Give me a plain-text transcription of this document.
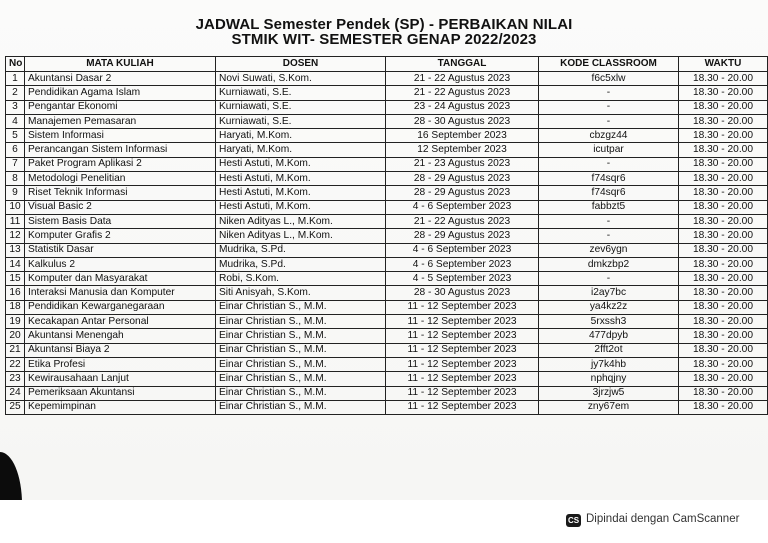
JADWAL Semester Pendek (SP) - PERBAIKAN NILAI
STMIK WIT- SEMESTER GENAP 2022/2023
No	MATA KULIAH	DOSEN	TANGGAL	KODE CLASSROOM	WAKTU
1	Akuntansi Dasar 2	Novi Suwati, S.Kom.	21 - 22 Agustus 2023	f6c5xlw	18.30 - 20.00
2	Pendidikan Agama Islam	Kurniawati, S.E.	21 - 22 Agustus 2023	-	18.30 - 20.00
3	Pengantar Ekonomi	Kurniawati, S.E.	23 - 24 Agustus 2023	-	18.30 - 20.00
4	Manajemen Pemasaran	Kurniawati, S.E.	28 - 30 Agustus 2023	-	18.30 - 20.00
5	Sistem Informasi	Haryati, M.Kom.	16 September 2023	cbzgz44	18.30 - 20.00
6	Perancangan Sistem Informasi	Haryati, M.Kom.	12 September 2023	icutpar	18.30 - 20.00
7	Paket Program Aplikasi 2	Hesti Astuti, M.Kom.	21 - 23 Agustus 2023	-	18.30 - 20.00
8	Metodologi Penelitian	Hesti Astuti, M.Kom.	28 - 29 Agustus 2023	f74sqr6	18.30 - 20.00
9	Riset Teknik Informasi	Hesti Astuti, M.Kom.	28 - 29 Agustus 2023	f74sqr6	18.30 - 20.00
10	Visual Basic 2	Hesti Astuti, M.Kom.	4 - 6 September 2023	fabbzt5	18.30 - 20.00
11	Sistem Basis Data	Niken Adityas L., M.Kom.	21 - 22 Agustus 2023	-	18.30 - 20.00
12	Komputer Grafis 2	Niken Adityas L., M.Kom.	28 - 29 Agustus 2023	-	18.30 - 20.00
13	Statistik Dasar	Mudrika, S.Pd.	4 - 6 September 2023	zev6ygn	18.30 - 20.00
14	Kalkulus 2	Mudrika, S.Pd.	4 - 6 September 2023	dmkzbp2	18.30 - 20.00
15	Komputer dan Masyarakat	Robi, S.Kom.	4 - 5 September 2023	-	18.30 - 20.00
16	Interaksi Manusia dan Komputer	Siti Anisyah, S.Kom.	28 - 30 Agustus 2023	i2ay7bc	18.30 - 20.00
18	Pendidikan Kewarganegaraan	Einar Christian S., M.M.	11 - 12 September 2023	ya4kz2z	18.30 - 20.00
19	Kecakapan Antar Personal	Einar Christian S., M.M.	11 - 12 September 2023	5rxssh3	18.30 - 20.00
20	Akuntansi Menengah	Einar Christian S., M.M.	11 - 12 September 2023	477dpyb	18.30 - 20.00
21	Akuntansi Biaya 2	Einar Christian S., M.M.	11 - 12 September 2023	2fft2ot	18.30 - 20.00
22	Etika Profesi	Einar Christian S., M.M.	11 - 12 September 2023	jy7k4hb	18.30 - 20.00
23	Kewirausahaan Lanjut	Einar Christian S., M.M.	11 - 12 September 2023	nphqjny	18.30 - 20.00
24	Pemeriksaan Akuntansi	Einar Christian S., M.M.	11 - 12 September 2023	3jrzjw5	18.30 - 20.00
25	Kepemimpinan	Einar Christian S., M.M.	11 - 12 September 2023	zny67em	18.30 - 20.00
CS Dipindai dengan CamScanner
